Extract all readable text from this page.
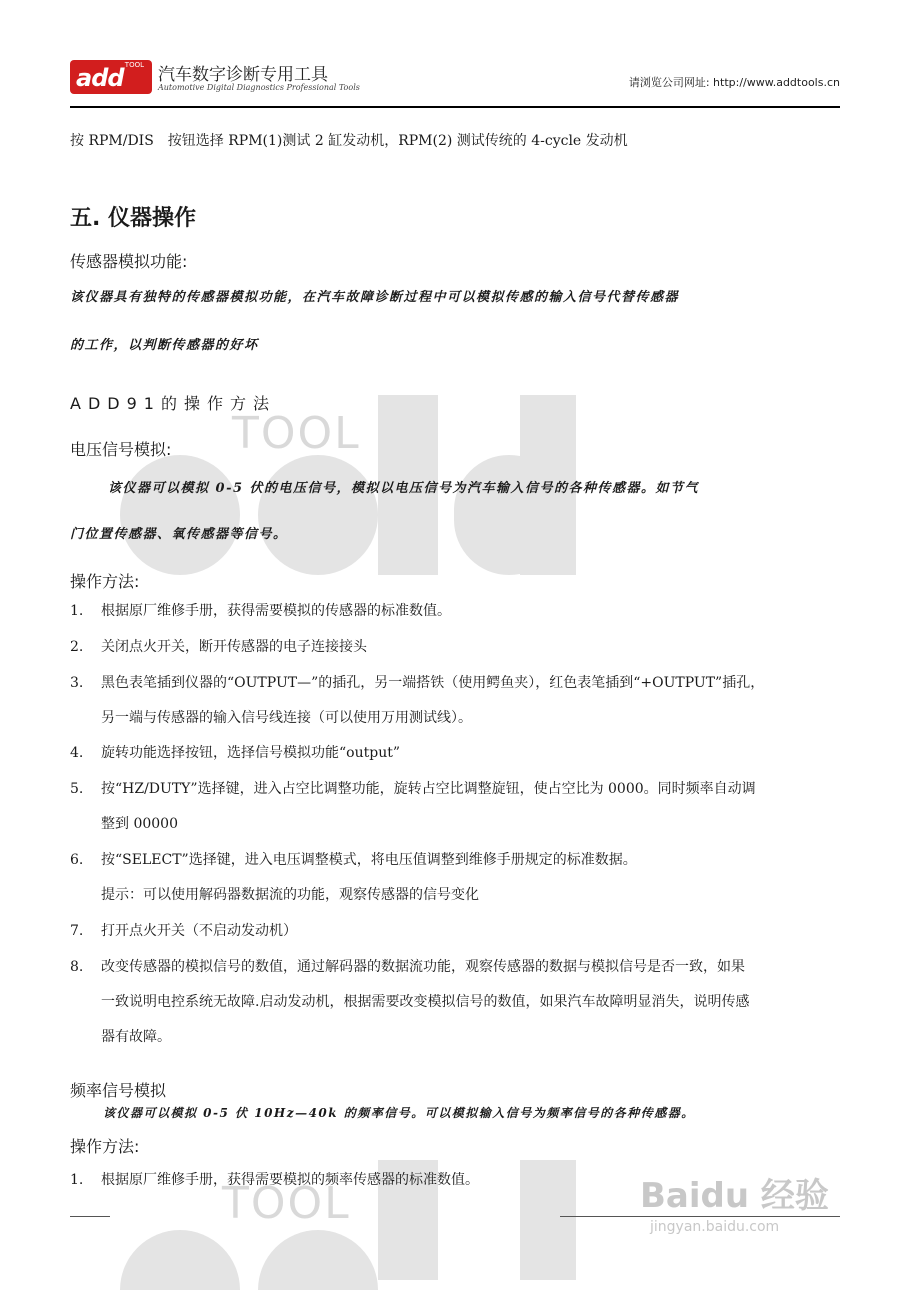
TOOL
TOOL
TOOL
add 汽车数字诊断专用工具
Automotive Digital Diagnostics Professional Tools	请浏览公司网址: http://www.addtools.cn
按 RPM/DIS　按钮选择 RPM(1)测试 2 缸发动机，RPM(2) 测试传统的 4-cycle 发动机
五. 仪器操作
传感器模拟功能:
该仪器具有独特的传感器模拟功能，在汽车故障诊断过程中可以模拟传感的输入信号代替传感器
的工作，以判断传感器的好坏
ADD91的操作方法
电压信号模拟:
该仪器可以模拟 0-5 伏的电压信号，模拟以电压信号为汽车输入信号的各种传感器。如节气
门位置传感器、氧传感器等信号。
操作方法:
1.	根据原厂维修手册，获得需要模拟的传感器的标准数值。
2.	关闭点火开关，断开传感器的电子连接接头
3.	黑色表笔插到仪器的“OUTPUT—”的插孔，另一端搭铁（使用鳄鱼夹），红色表笔插到“+OUTPUT”插孔，
另一端与传感器的输入信号线连接（可以使用万用测试线）。
4.	旋转功能选择按钮，选择信号模拟功能“output”
5.	按“HZ/DUTY”选择键，进入占空比调整功能，旋转占空比调整旋钮，使占空比为 0000。同时频率自动调
整到 00000
6.	按“SELECT”选择键，进入电压调整模式，将电压值调整到维修手册规定的标准数据。
提示：可以使用解码器数据流的功能，观察传感器的信号变化
7.	打开点火开关（不启动发动机）
8.	改变传感器的模拟信号的数值，通过解码器的数据流功能，观察传感器的数据与模拟信号是否一致，如果
一致说明电控系统无故障.启动发动机，根据需要改变模拟信号的数值，如果汽车故障明显消失，说明传感
器有故障。
频率信号模拟
该仪器可以模拟 0-5 伏 10Hz—40k 的频率信号。可以模拟输入信号为频率信号的各种传感器。
操作方法:
1.	根据原厂维修手册，获得需要模拟的频率传感器的标准数值。	Baidu 经验
jingyan.baidu.com
